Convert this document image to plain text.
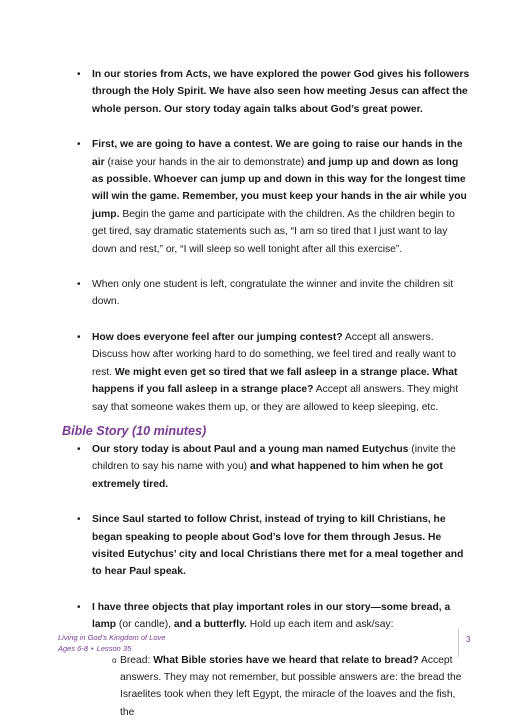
• In our stories from Acts, we have explored the power God gives his followers through the Holy Spirit. We have also seen how meeting Jesus can affect the whole person. Our story today again talks about God’s great power.
• First, we are going to have a contest. We are going to raise our hands in the air (raise your hands in the air to demonstrate) and jump up and down as long as possible. Whoever can jump up and down in this way for the longest time will win the game. Remember, you must keep your hands in the air while you jump. Begin the game and participate with the children. As the children begin to get tired, say dramatic statements such as, “I am so tired that I just want to lay down and rest,” or, “I will sleep so well tonight after all this exercise”.
• When only one student is left, congratulate the winner and invite the children sit down.
• How does everyone feel after our jumping contest? Accept all answers. Discuss how after working hard to do something, we feel tired and really want to rest. We might even get so tired that we fall asleep in a strange place. What happens if you fall asleep in a strange place? Accept all answers. They might say that someone wakes them up, or they are allowed to keep sleeping, etc.
Bible Story (10 minutes)
• Our story today is about Paul and a young man named Eutychus (invite the children to say his name with you) and what happened to him when he got extremely tired.
• Since Saul started to follow Christ, instead of trying to kill Christians, he began speaking to people about God’s love for them through Jesus. He visited Eutychus’ city and local Christians there met for a meal together and to hear Paul speak.
• I have three objects that play important roles in our story—some bread, a lamp (or candle), and a butterfly. Hold up each item and ask/say:
o Bread: What Bible stories have we heard that relate to bread? Accept answers. They may not remember, but possible answers are: the bread the Israelites took when they left Egypt, the miracle of the loaves and the fish, the
Living in God’s Kingdom of Love
Ages 6-8 • Lesson 35
3
